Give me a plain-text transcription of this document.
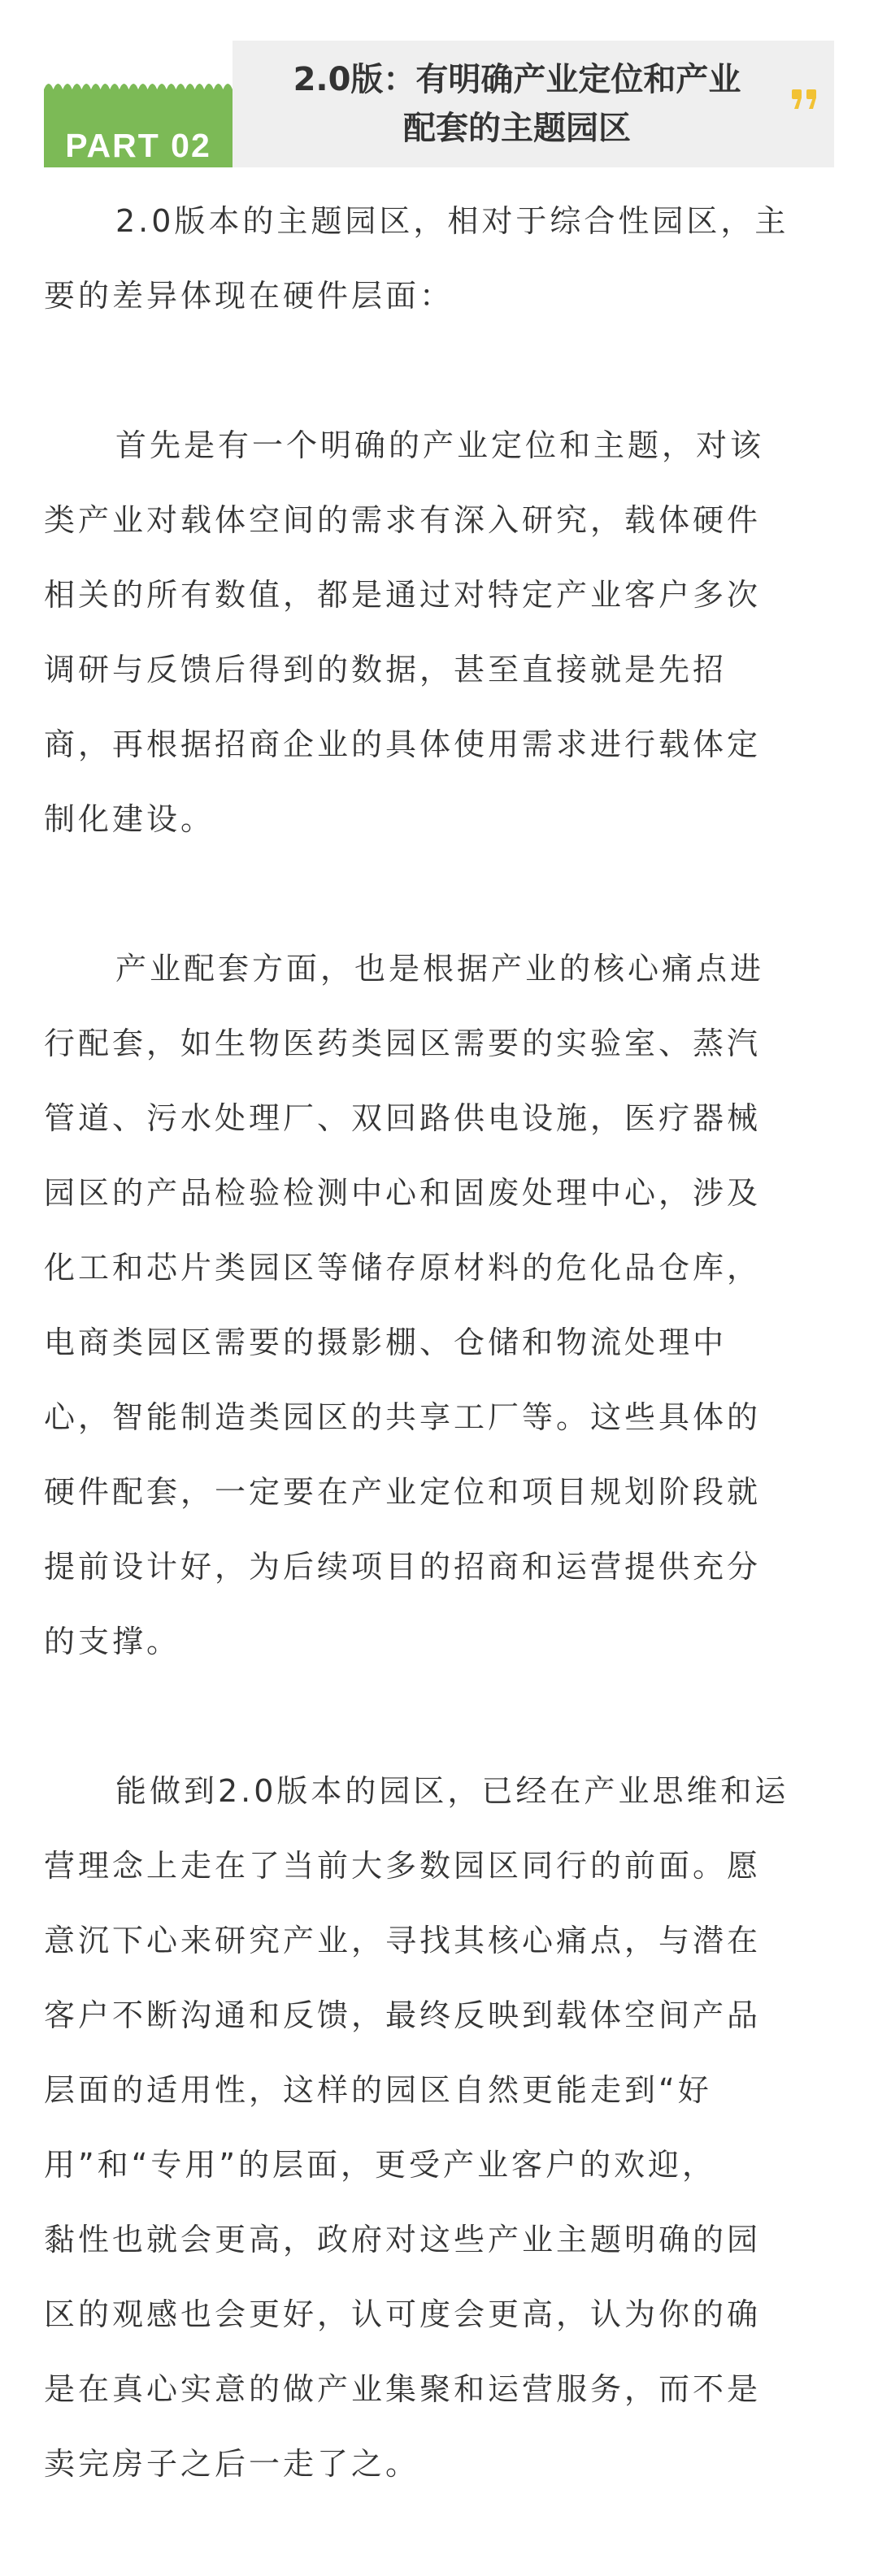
PART 02
2.0版：有明确产业定位和产业
配套的主题园区

2.0版本的主题园区，相对于综合性园区，主
要的差异体现在硬件层面：

首先是有一个明确的产业定位和主题，对该
类产业对载体空间的需求有深入研究，载体硬件
相关的所有数值，都是通过对特定产业客户多次
调研与反馈后得到的数据，甚至直接就是先招
商，再根据招商企业的具体使用需求进行载体定
制化建设。

产业配套方面，也是根据产业的核心痛点进
行配套，如生物医药类园区需要的实验室、蒸汽
管道、污水处理厂、双回路供电设施，医疗器械
园区的产品检验检测中心和固废处理中心，涉及
化工和芯片类园区等储存原材料的危化品仓库，
电商类园区需要的摄影棚、仓储和物流处理中
心，智能制造类园区的共享工厂等。这些具体的
硬件配套，一定要在产业定位和项目规划阶段就
提前设计好，为后续项目的招商和运营提供充分
的支撑。

能做到2.0版本的园区，已经在产业思维和运
营理念上走在了当前大多数园区同行的前面。愿
意沉下心来研究产业，寻找其核心痛点，与潜在
客户不断沟通和反馈，最终反映到载体空间产品
层面的适用性，这样的园区自然更能走到“好
用”和“专用”的层面，更受产业客户的欢迎，
黏性也就会更高，政府对这些产业主题明确的园
区的观感也会更好，认可度会更高，认为你的确
是在真心实意的做产业集聚和运营服务，而不是
卖完房子之后一走了之。
